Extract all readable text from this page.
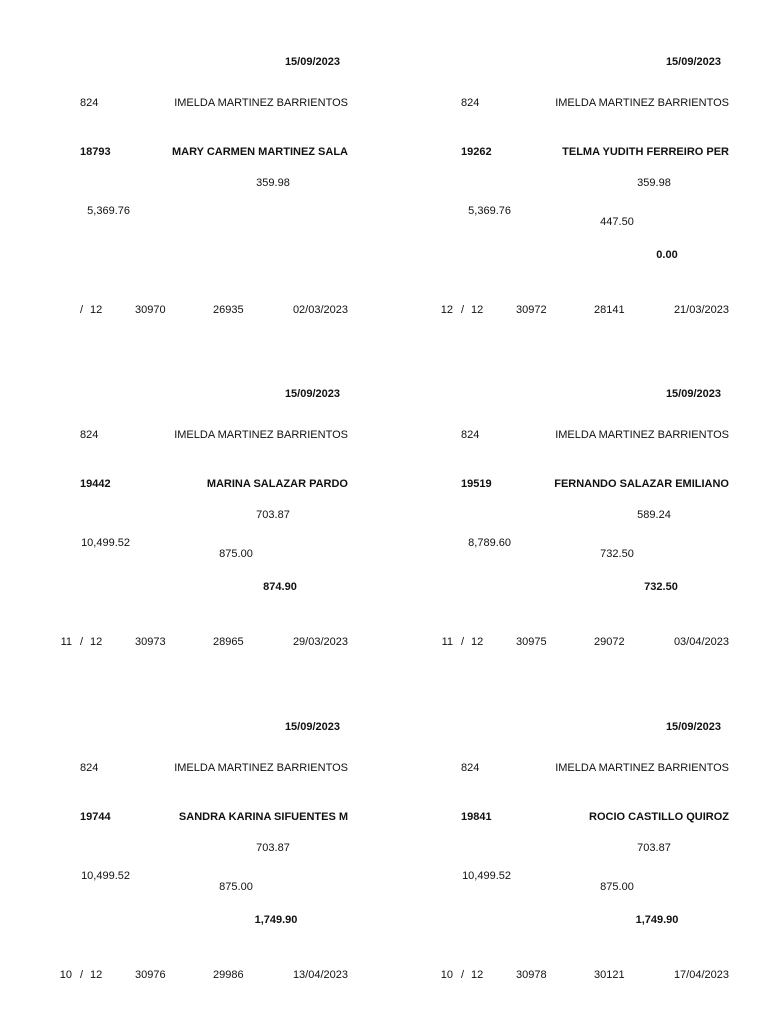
15/09/2023
824	IMELDA MARTINEZ BARRIENTOS
18793	MARY CARMEN MARTINEZ SALA
359.98
5,369.76
/ 12	30970	26935	02/03/2023
15/09/2023
824	IMELDA MARTINEZ BARRIENTOS
19262	TELMA YUDITH FERREIRO PER
359.98
5,369.76
447.50
0.00
12 / 12	30972	28141	21/03/2023
15/09/2023
824	IMELDA MARTINEZ BARRIENTOS
19442	MARINA SALAZAR PARDO
703.87
10,499.52
875.00
874.90
11 / 12	30973	28965	29/03/2023
15/09/2023
824	IMELDA MARTINEZ BARRIENTOS
19519	FERNANDO SALAZAR EMILIANO
589.24
8,789.60
732.50
732.50
11 / 12	30975	29072	03/04/2023
15/09/2023
824	IMELDA MARTINEZ BARRIENTOS
19744	SANDRA KARINA SIFUENTES M
703.87
10,499.52
875.00
1,749.90
10 / 12	30976	29986	13/04/2023
15/09/2023
824	IMELDA MARTINEZ BARRIENTOS
19841	ROCIO CASTILLO QUIROZ
703.87
10,499.52
875.00
1,749.90
10 / 12	30978	30121	17/04/2023
